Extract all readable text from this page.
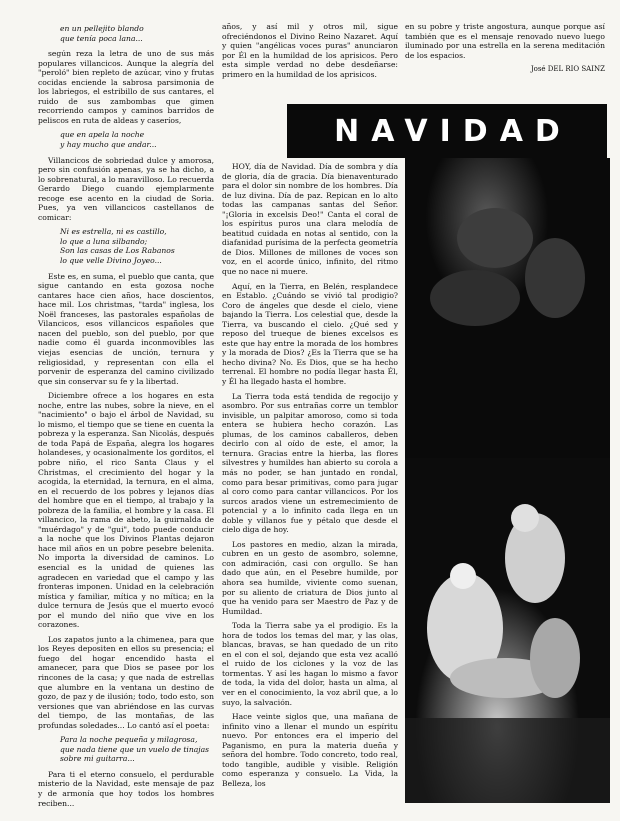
en un pellejito blando
que tenía poca lana...

según reza la letra de uno de sus más populares villancicos. Aunque la alegría del "peroló" bien repleto de azúcar, vino y frutas cocidas enciende la sabrosa parsimonia de los labriegos, el estribillo de sus cantares, el ruido de sus zambombas que gimen recorriendo campos y caminos barridos de peliscos en ruta de aldeas y caseríos,

que en apela la noche
y hay mucho que andar...

Villancicos de sobriedad dulce y amorosa, pero sin confusión apenas, ya se ha dicho, a lo sobrenatural, a lo maravilloso. Lo recuerda Gerardo Diego cuando ejemplarmente recoge ese acento en la ciudad de Soria. Pues, ya ven villancicos castellanos de comicar:

Ni es estrella, ni es castillo,
lo que a luna silbando;
Son las casas de Los Rabanos
lo que velle Divino Joyeo...

Este es, en suma, el pueblo que canta, que sigue cantando en esta gozosa noche cantares hace cien años, hace doscientos, hace mil. Los christmas, "tarda" inglesa, los Noël franceses, las pastorales españolas de Vilancicos, esos villancicos españoles que nacen del pueblo, son del pueblo, por que nadie como él guarda inconmovibles las viejas esencias de unción, ternura y religiosidad, y representan con ella el porvenir de esperanza del camino civilizado que sin conservar su fe y la libertad.

Diciembre ofrece a los hogares en esta noche, entre las nubes, sobre la nieve, en el "nacimiento" o bajo el árbol de Navidad, su lo mismo, el tiempo que se tiene en cuenta la pobreza y la esperanza. San Nicolás, después de toda Papá de España, alegra los hogares holandeses, y ocasionalmente los gorditos, el pobre niño, el rico Santa Claus y el Christmas, el crecimiento del hogar y la acogida, la eternidad, la ternura, en el alma, en el recuerdo de los pobres y lejanos días del hombre que en el tiempo, al trabajo y la pobreza de la familia, el hombre y la casa. El villancico, la rama de abeto, la guirnalda de "muérdago" y de "gui", todo puede conducir a la noche que los Divinos Plantas dejaron hace mil años en un pobre pesebre belenita. No importa la diversidad de caminos. Lo esencial es la unidad de quienes las agradecen en variedad que el campo y las fronteras imponen. Unidad en la celebración mística y familiar, mítica y no mítica; en la dulce ternura de Jesús que el muerto evocó por el mundo del niño que vive en los corazones.

Los zapatos junto a la chimenea, para que los Reyes depositen en ellos su presencia; el fuego del hogar encendido hasta el amanecer, para que Dios se pasee por los rincones de la casa; y que nada de estrellas que alumbre en la ventana un destino de gozo, de paz y de ilusión; todo, todo esto, son versiones que van abriéndose en las curvas del tiempo, de las montañas, de las profundas soledades... Lo cantó así el poeta:

Para la noche pequeña y milagrosa,
que nada tiene que un vuelo de tinajas sobre mi guitarra...

Para ti el eterno consuelo, el perdurable misterio de la Navidad, este mensaje de paz y de armonía que hoy todos los hombres reciben...

años, y así mil y otros mil, sigue ofreciéndonos el Divino Reino Nazaret. Aquí y quien "angélicas voces puras" anunciaron por Él en la humildad de los aprisicos. Pero esta simple verdad no debe desdeñarse: primero en la humildad de los aprisicos.

en su pobre y triste angostura, aunque porque así también que es el mensaje renovado nuevo luego iluminado por una estrella en la serena meditación de los espacios.

José DEL RIO SAINZ
NAVIDAD

HOY, día de Navidad. Día de sombra y día de gloria, día de gracia. Día bienaventurado para el dolor sin nombre de los hombres. Día de luz divina. Día de paz. Repican en lo alto todas las campanas santas del Señor. "¡Gloria in excelsis Deo!" Canta el coral de los espíritus puros una clara melodía de beatitud cuidada en notas al sentido, con la diafanidad purísima de la perfecta geometría de Dios. Millones de millones de voces son voz, en el acorde único, infinito, del ritmo que no nace ni muere.

Aquí, en la Tierra, en Belén, resplandece en Establo. ¿Cuándo se vivió tal prodigio? Coro de ángeles que desde el cielo, viene bajando la Tierra. Los celestial que, desde la Tierra, va buscando el cielo. ¿Qué sed y reposo del trueque de bienes excelsos es este que hay entre la morada de los hombres y la morada de Dios? ¿Es la Tierra que se ha hecho divina? No. Es Dios, que se ha hecho terrenal. El hombre no podía llegar hasta Él, y Él ha llegado hasta el hombre.

La Tierra toda está tendida de regocijo y asombro. Por sus entrañas corre un temblor invisible, un palpitar amoroso, como si toda entera se hubiera hecho corazón. Las plumas, de los caminos caballeros, deben decirlo con al oído de este, el amor, la ternura. Gracias entre la hierba, las flores silvestres y humildes han abierto su corola a más no poder, se han juntado en rondal, como para besar primitivas, como para jugar al coro como para cantar villancicos. Por los surcos arados viene un estremecimiento de potencial y a lo infinito cada llega en un doble y villanos fue y pétalo que desde el cielo diga de hoy.

Los pastores en medio, alzan la mirada, cubren en un gesto de asombro, solemne, con admiración, casi con orgullo. Se han dado que aún, en el Pesebre humilde, por ahora sea humilde, viviente como suenan, por su aliento de criatura de Dios junto al que ha venido para ser Maestro de Paz y de Humildad.

Toda la Tierra sabe ya el prodigio. Es la hora de todos los temas del mar, y las olas, blancas, bravas, se han quedado de un rito en el con el sol, dejando que esta vez acalló el ruido de los ciclones y la voz de las tormentas. Y así les hagan lo mismo a favor de toda, la vida del dolor, hasta un alma, al ver en el conocimiento, la voz abril que, a lo suyo, la salvación.

Hace veinte siglos que, una mañana de infinito vino a llenar el mundo un espíritu nuevo. Por entonces era el imperio del Paganismo, en pura la materia dueña y señora del hombre. Todo concreto, todo real, todo tangible, audible y visible. Religión como esperanza y consuelo. La Vida, la Belleza, los
